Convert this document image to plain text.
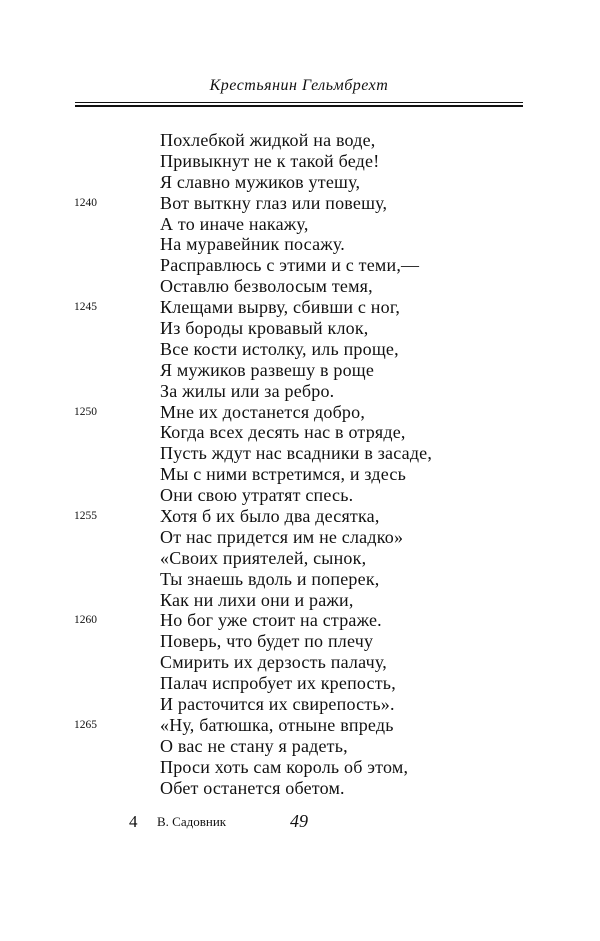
Крестьянин Гельмбрехт
Похлебкой жидкой на воде,
Привыкнут не к такой беде!
Я славно мужиков утешу,
1240	Вот выткну глаз или повешу,
А то иначе накажу,
На муравейник посажу.
Расправлюсь с этими и с теми,—
Оставлю безволосым темя,
1245	Клещами вырву, сбивши с ног,
Из бороды кровавый клок,
Все кости истолку, иль проще,
Я мужиков развешу в роще
За жилы или за ребро.
1250	Мне их достанется добро,
Когда всех десять нас в отряде,
Пусть ждут нас всадники в засаде,
Мы с ними встретимся, и здесь
Они свою утратят спесь.
1255	Хотя б их было два десятка,
От нас придется им не сладко»
«Своих приятелей, сынок,
Ты знаешь вдоль и поперек,
Как ни лихи они и ражи,
1260	Но бог уже стоит на страже.
Поверь, что будет по плечу
Смирить их дерзость палачу,
Палач испробует их крепость,
И расточится их свирепость».
1265	«Ну, батюшка, отныне впредь
О вас не стану я радеть,
Проси хоть сам король об этом,
Обет останется обетом.
4 В. Садовник	49
